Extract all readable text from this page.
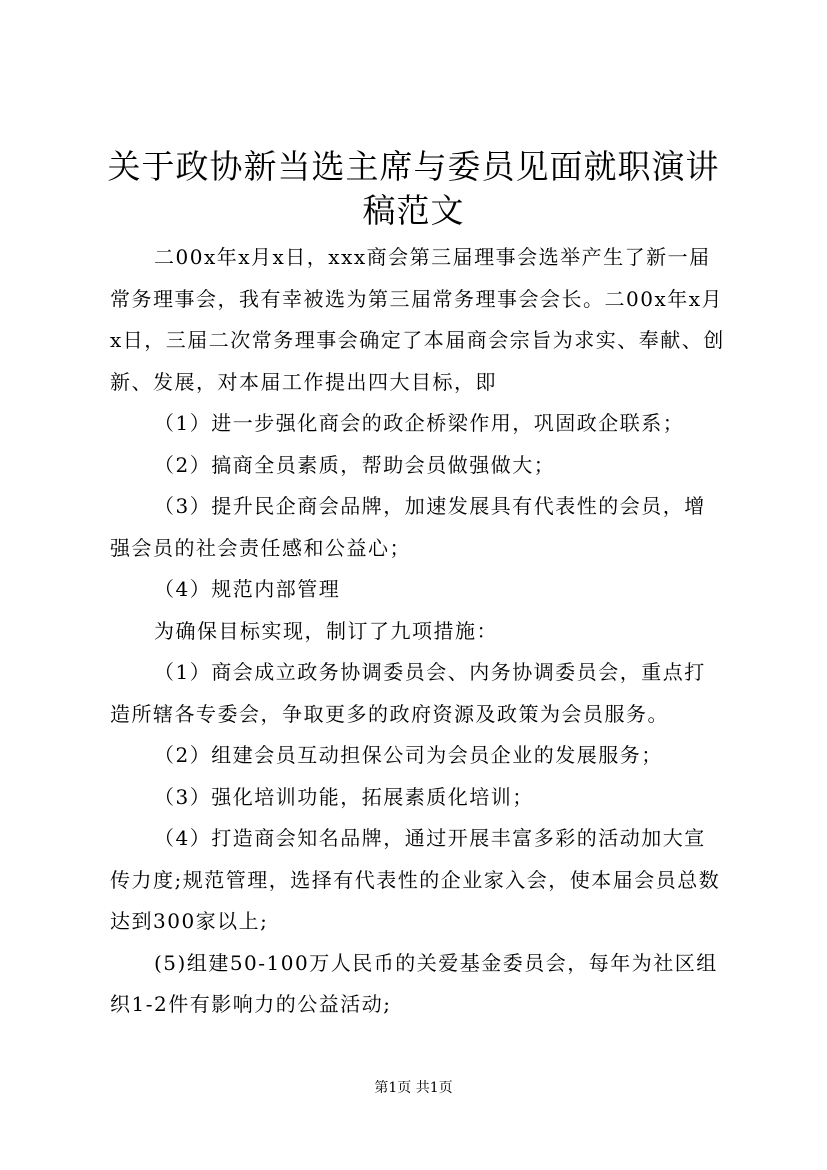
关于政协新当选主席与委员见面就职演讲稿范文

二00x年x月x日，xxx商会第三届理事会选举产生了新一届常务理事会，我有幸被选为第三届常务理事会会长。二00x年x月x日，三届二次常务理事会确定了本届商会宗旨为求实、奉献、创新、发展，对本届工作提出四大目标，即

（1）进一步强化商会的政企桥梁作用，巩固政企联系；

（2）搞商全员素质，帮助会员做强做大；

（3）提升民企商会品牌，加速发展具有代表性的会员，增强会员的社会责任感和公益心；

（4）规范内部管理

为确保目标实现，制订了九项措施：

（1）商会成立政务协调委员会、内务协调委员会，重点打造所辖各专委会，争取更多的政府资源及政策为会员服务。

（2）组建会员互动担保公司为会员企业的发展服务；

（3）强化培训功能，拓展素质化培训；

（4）打造商会知名品牌，通过开展丰富多彩的活动加大宣传力度;规范管理，选择有代表性的企业家入会，使本届会员总数达到300家以上;

(5)组建50-100万人民币的关爱基金委员会，每年为社区组织1-2件有影响力的公益活动;

第1页 共1页
